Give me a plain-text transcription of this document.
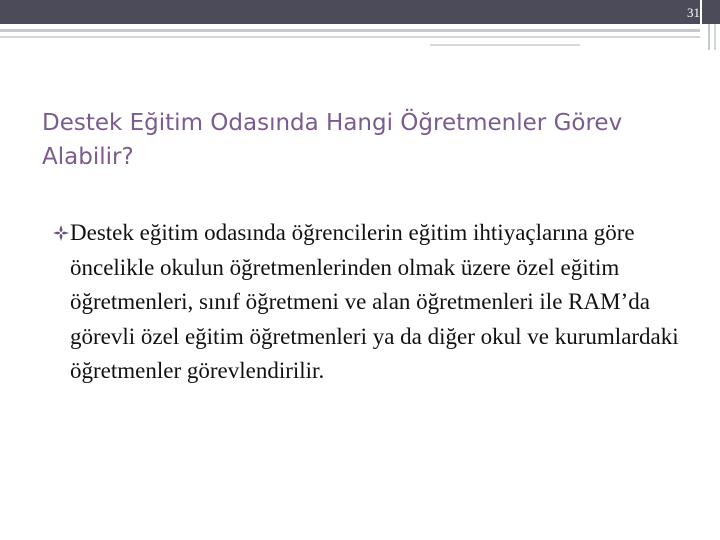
31
Destek Eğitim Odasında Hangi Öğretmenler Görev Alabilir?
Destek eğitim odasında öğrencilerin eğitim ihtiyaçlarına göre öncelikle okulun öğretmenlerinden olmak üzere özel eğitim öğretmenleri, sınıf öğretmeni ve alan öğretmenleri ile RAM’da görevli özel eğitim öğretmenleri ya da diğer okul ve kurumlardaki öğretmenler görevlendirilir.
